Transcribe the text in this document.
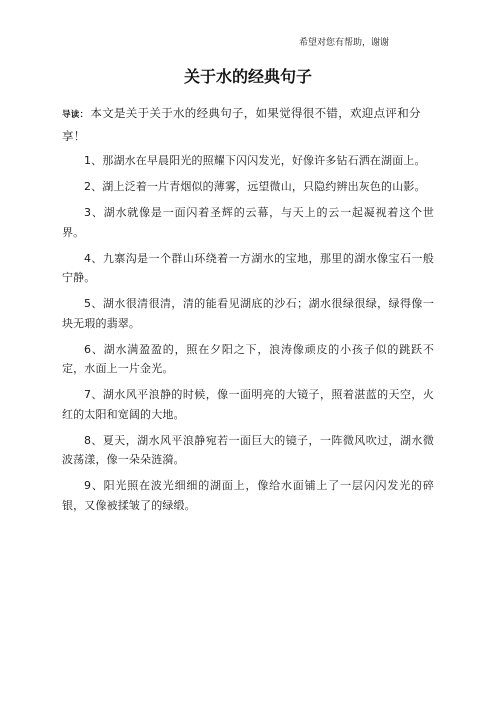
希望对您有帮助，谢谢
关于水的经典句子

导读： 本文是关于关于水的经典句子，如果觉得很不错，欢迎点评和分享！

1、那湖水在早晨阳光的照耀下闪闪发光，好像许多钻石洒在湖面上。

2、湖上泛着一片青烟似的薄雾，远望微山，只隐约辨出灰色的山影。

3、湖水就像是一面闪着圣辉的云幕，与天上的云一起凝视着这个世界。

4、九寨沟是一个群山环绕着一方湖水的宝地，那里的湖水像宝石一般宁静。

5、湖水很清很清，清的能看见湖底的沙石；湖水很绿很绿，绿得像一块无瑕的翡翠。

6、湖水满盈盈的，照在夕阳之下，浪涛像顽皮的小孩子似的跳跃不定，水面上一片金光。

7、湖水风平浪静的时候，像一面明亮的大镜子，照着湛蓝的天空，火红的太阳和宽阔的大地。

8、夏天，湖水风平浪静宛若一面巨大的镜子，一阵微风吹过，湖水微波荡漾，像一朵朵涟漪。

9、阳光照在波光细细的湖面上，像给水面铺上了一层闪闪发光的碎银，又像被揉皱了的绿缎。
